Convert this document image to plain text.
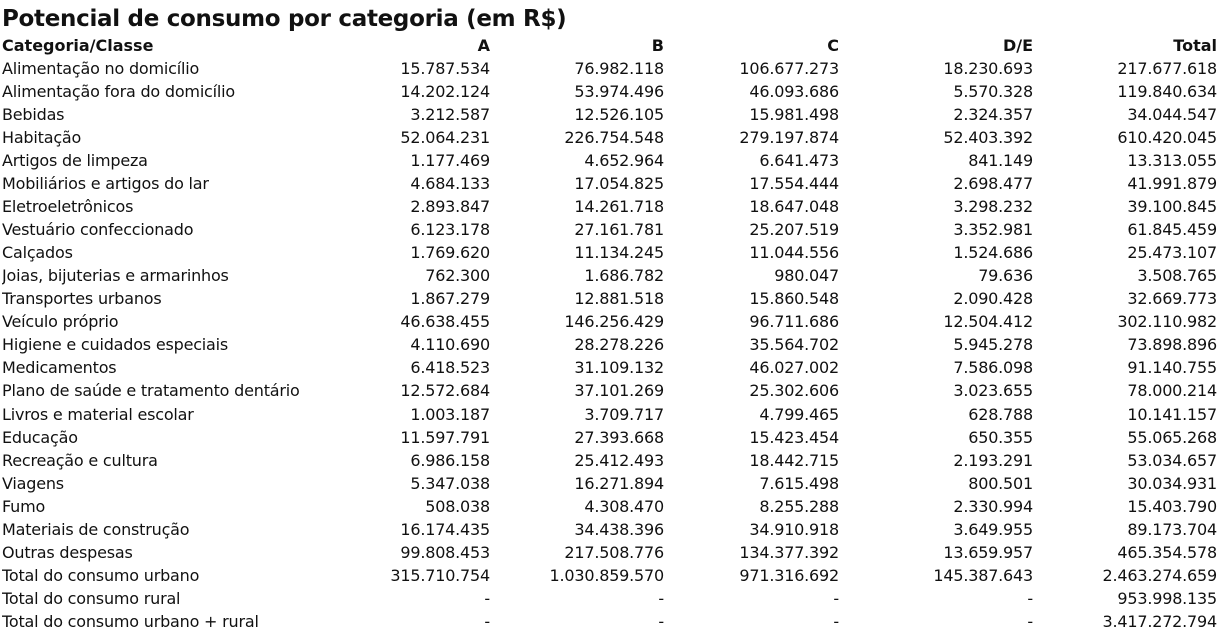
Potencial de consumo por categoria (em R$)
Categoria/Classe	A	B	C	D/E	Total
Alimentação no domicílio	15.787.534	76.982.118	106.677.273	18.230.693	217.677.618
Alimentação fora do domicílio	14.202.124	53.974.496	46.093.686	5.570.328	119.840.634
Bebidas	3.212.587	12.526.105	15.981.498	2.324.357	34.044.547
Habitação	52.064.231	226.754.548	279.197.874	52.403.392	610.420.045
Artigos de limpeza	1.177.469	4.652.964	6.641.473	841.149	13.313.055
Mobiliários e artigos do lar	4.684.133	17.054.825	17.554.444	2.698.477	41.991.879
Eletroeletrônicos	2.893.847	14.261.718	18.647.048	3.298.232	39.100.845
Vestuário confeccionado	6.123.178	27.161.781	25.207.519	3.352.981	61.845.459
Calçados	1.769.620	11.134.245	11.044.556	1.524.686	25.473.107
Joias, bijuterias e armarinhos	762.300	1.686.782	980.047	79.636	3.508.765
Transportes urbanos	1.867.279	12.881.518	15.860.548	2.090.428	32.669.773
Veículo próprio	46.638.455	146.256.429	96.711.686	12.504.412	302.110.982
Higiene e cuidados especiais	4.110.690	28.278.226	35.564.702	5.945.278	73.898.896
Medicamentos	6.418.523	31.109.132	46.027.002	7.586.098	91.140.755
Plano de saúde e tratamento dentário	12.572.684	37.101.269	25.302.606	3.023.655	78.000.214
Livros e material escolar	1.003.187	3.709.717	4.799.465	628.788	10.141.157
Educação	11.597.791	27.393.668	15.423.454	650.355	55.065.268
Recreação e cultura	6.986.158	25.412.493	18.442.715	2.193.291	53.034.657
Viagens	5.347.038	16.271.894	7.615.498	800.501	30.034.931
Fumo	508.038	4.308.470	8.255.288	2.330.994	15.403.790
Materiais de construção	16.174.435	34.438.396	34.910.918	3.649.955	89.173.704
Outras despesas	99.808.453	217.508.776	134.377.392	13.659.957	465.354.578
Total do consumo urbano	315.710.754	1.030.859.570	971.316.692	145.387.643	2.463.274.659
Total do consumo rural	-	-	-	-	953.998.135
Total do consumo urbano + rural	-	-	-	-	3.417.272.794
